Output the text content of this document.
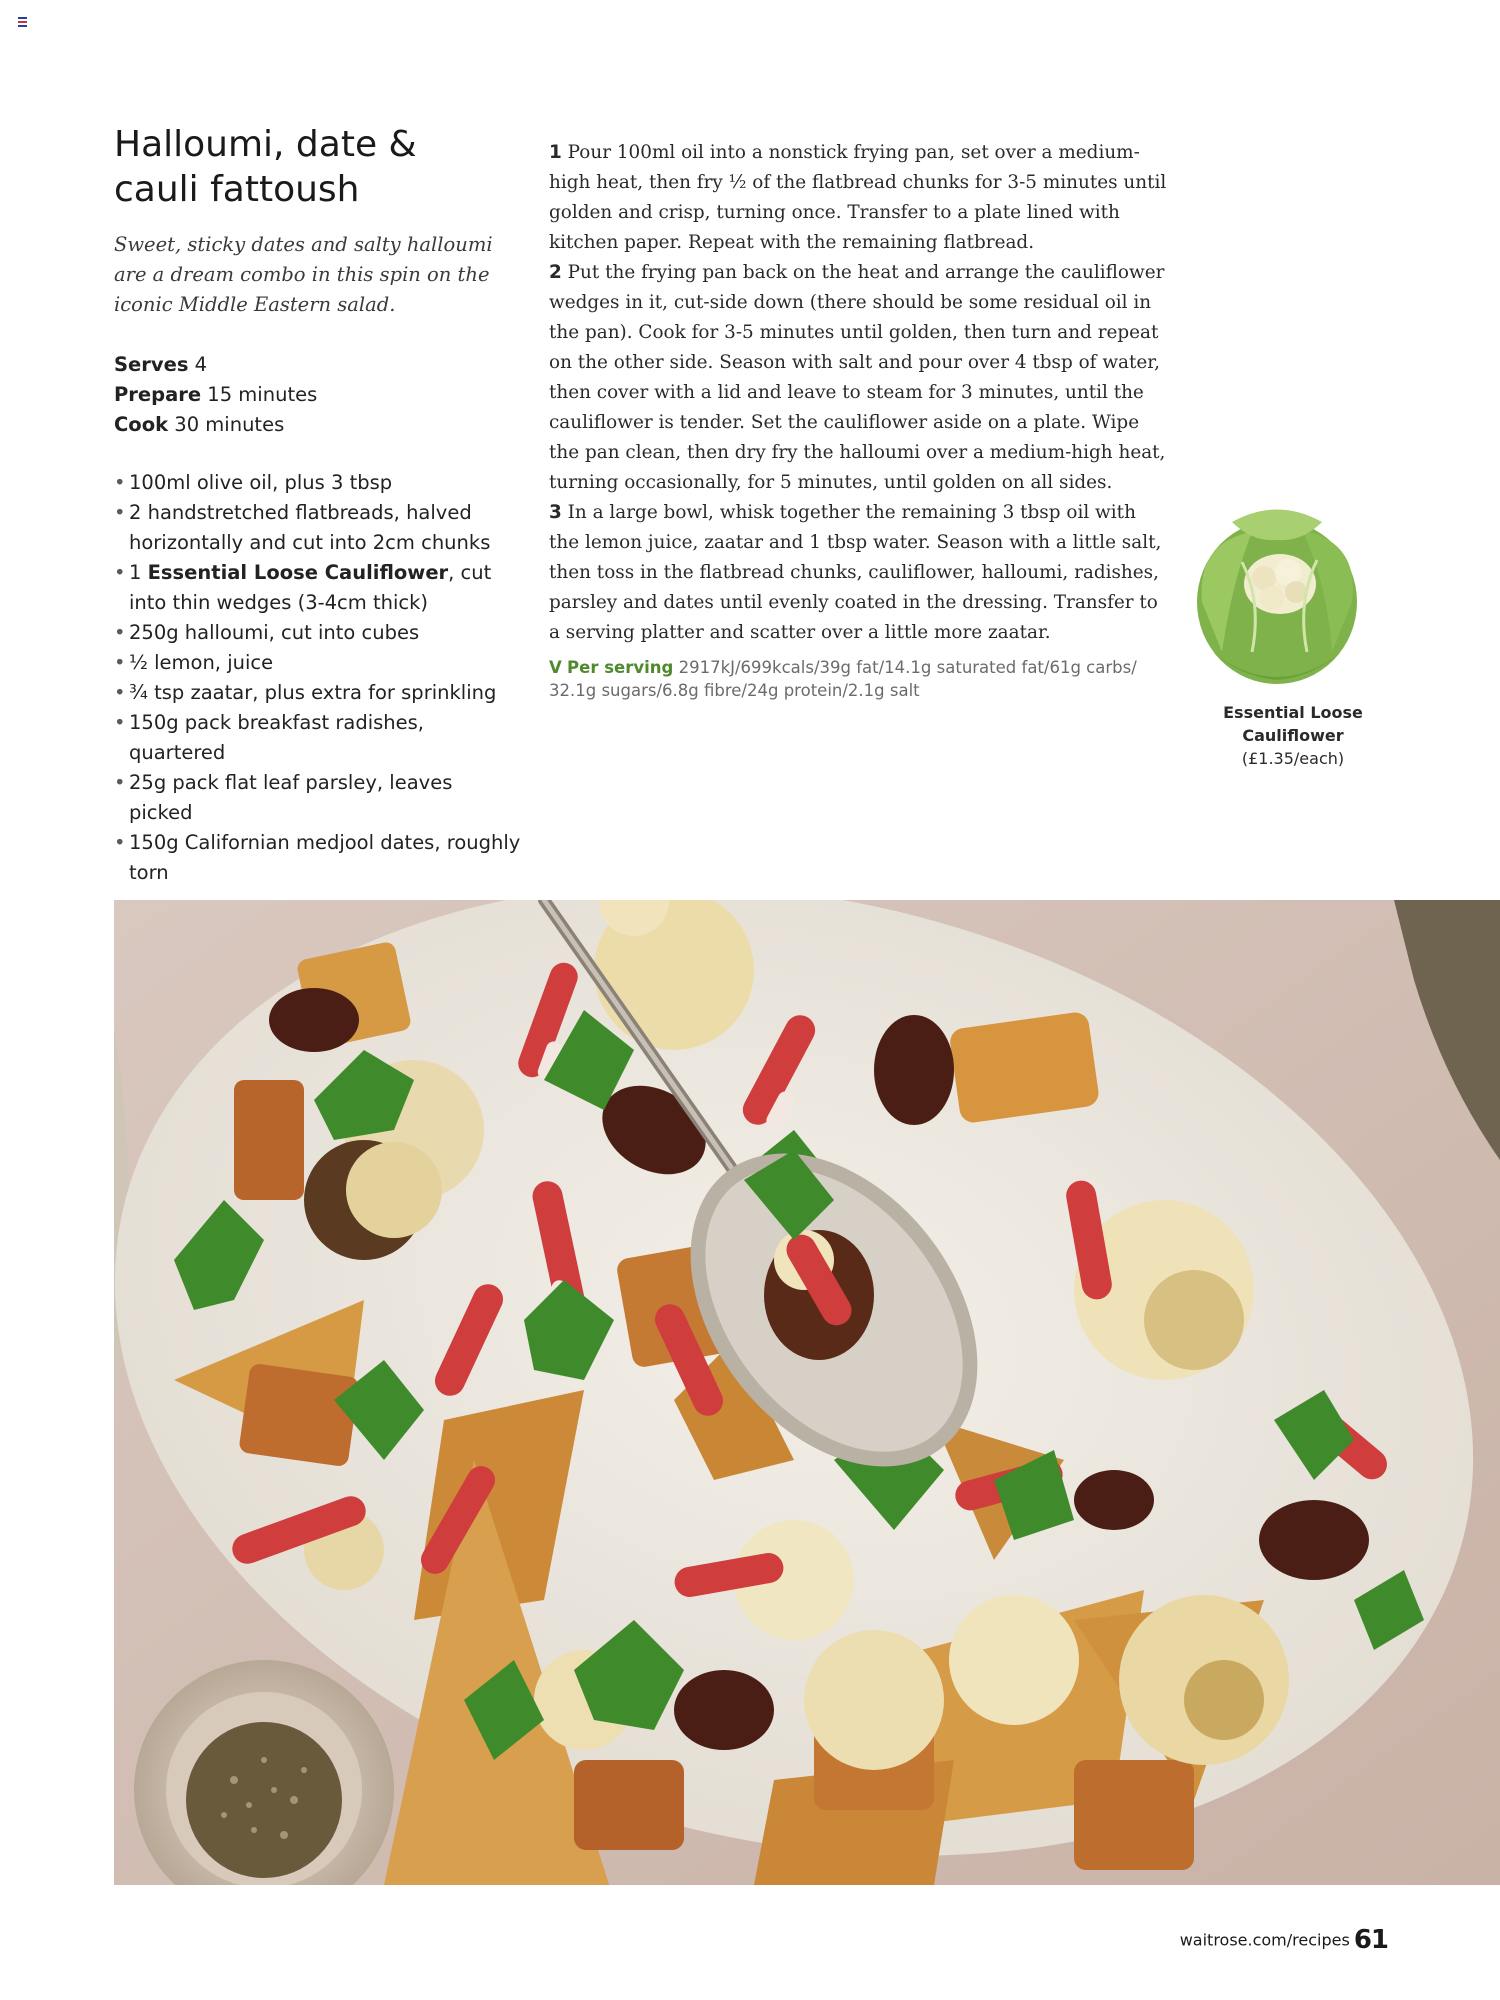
Halloumi, date &
cauli fattoush

Sweet, sticky dates and salty halloumi are a dream combo in this spin on the iconic Middle Eastern salad.

Serves 4
Prepare 15 minutes
Cook 30 minutes
• 100ml olive oil, plus 3 tbsp
• 2 handstretched flatbreads, halved horizontally and cut into 2cm chunks
• 1 Essential Loose Cauliflower, cut into thin wedges (3-4cm thick)
• 250g halloumi, cut into cubes
• ½ lemon, juice
• ¾ tsp zaatar, plus extra for sprinkling
• 150g pack breakfast radishes, quartered
• 25g pack flat leaf parsley, leaves picked
• 150g Californian medjool dates, roughly torn

1 Pour 100ml oil into a nonstick frying pan, set over a medium-high heat, then fry ½ of the flatbread chunks for 3-5 minutes until golden and crisp, turning once. Transfer to a plate lined with kitchen paper. Repeat with the remaining flatbread.

2 Put the frying pan back on the heat and arrange the cauliflower wedges in it, cut-side down (there should be some residual oil in the pan). Cook for 3-5 minutes until golden, then turn and repeat on the other side. Season with salt and pour over 4 tbsp of water, then cover with a lid and leave to steam for 3 minutes, until the cauliflower is tender. Set the cauliflower aside on a plate. Wipe the pan clean, then dry fry the halloumi over a medium-high heat, turning occasionally, for 5 minutes, until golden on all sides.

3 In a large bowl, whisk together the remaining 3 tbsp oil with the lemon juice, zaatar and 1 tbsp water. Season with a little salt, then toss in the flatbread chunks, cauliflower, halloumi, radishes, parsley and dates until evenly coated in the dressing. Transfer to a serving platter and scatter over a little more zaatar.

V Per serving 2917kJ/699kcals/39g fat/14.1g saturated fat/61g carbs/ 32.1g sugars/6.8g fibre/24g protein/2.1g salt
Essential Loose
Cauliflower
(£1.35/each)
waitrose.com/recipes 61
